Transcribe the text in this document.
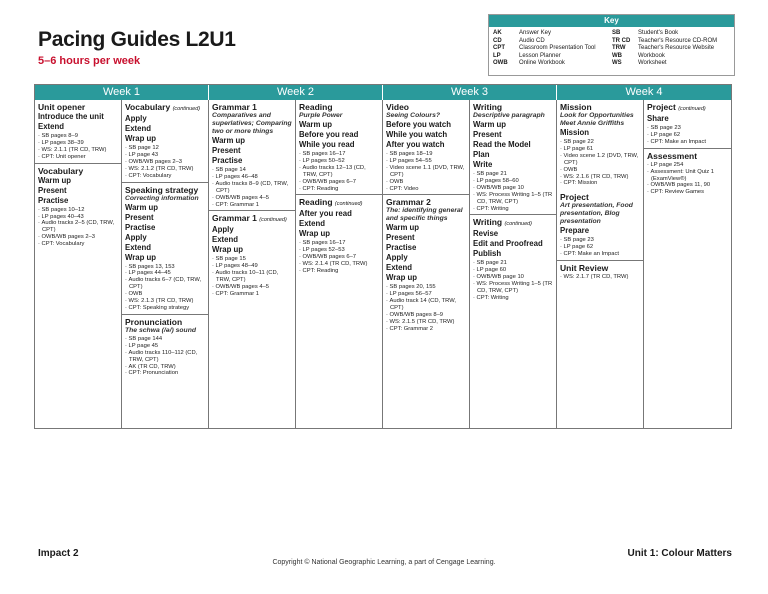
Pacing Guides L2U1
5–6 hours per week
Key
AK	Answer Key
CD	Audio CD
CPT	Classroom Presentation Tool
LP	Lesson Planner
OWB	Online Workbook
SB	Student's Book
TR CD	Teacher's Resource CD-ROM
TRW	Teacher's Resource Website
WB	Workbook
WS	Worksheet
Week 1	Week 2	Week 3	Week 4
Unit opener
Introduce the unit
Extend
· SB pages 8–9
· LP pages 38–39
· WS: 2.1.1 (TR CD, TRW)
· CPT: Unit opener
Vocabulary
Warm up
Present
Practise
· SB pages 10–12
· LP pages 40–43
· Audio tracks 2–5 (CD, TRW, CPT)
· OWB/WB pages 2–3
· CPT: Vocabulary
Vocabulary (continued)
Apply
Extend
Wrap up
· SB page 12
· LP page 43
· OWB/WB pages 2–3
· WS: 2.1.2 (TR CD, TRW)
· CPT: Vocabulary
Speaking strategy
Correcting information
Warm up
Present
Practise
Apply
Extend
Wrap up
· SB pages 13, 153
· LP pages 44–45
· Audio tracks 6–7 (CD, TRW, CPT)
· OWB
· WS: 2.1.3 (TR CD, TRW)
· CPT: Speaking strategy
Pronunciation
The schwa (/ə/) sound
· SB page 144
· LP page 45
· Audio tracks 110–112 (CD, TRW, CPT)
· AK (TR CD, TRW)
· CPT: Pronunciation
Grammar 1
Comparatives and superlatives; Comparing two or more things
Warm up
Present
Practise
· SB page 14
· LP pages 46–48
· Audio tracks 8–9 (CD, TRW, CPT)
· OWB/WB pages 4–5
· CPT: Grammar 1
Grammar 1 (continued)
Apply
Extend
Wrap up
· SB page 15
· LP pages 48–49
· Audio tracks 10–11 (CD, TRW, CPT)
· OWB/WB pages 4–5
· CPT: Grammar 1
Reading
Purple Power
Warm up
Before you read
While you read
· SB pages 16–17
· LP pages 50–52
· Audio tracks 12–13 (CD, TRW, CPT)
· OWB/WB pages 6–7
· CPT: Reading
Reading (continued)
After you read
Extend
Wrap up
· SB pages 16–17
· LP pages 52–53
· OWB/WB pages 6–7
· WS: 2.1.4 (TR CD, TRW)
· CPT: Reading
Video
Seeing Colours?
Before you watch
While you watch
After you watch
· SB pages 18–19
· LP pages 54–55
· Video scene 1.1 (DVD, TRW, CPT)
· OWB
· CPT: Video
Grammar 2
The: identifying general and specific things
Warm up
Present
Practise
Apply
Extend
Wrap up
· SB pages 20, 155
· LP pages 56–57
· Audio track 14 (CD, TRW, CPT)
· OWB/WB pages 8–9
· WS: 2.1.5 (TR CD, TRW)
· CPT: Grammar 2
Writing
Descriptive paragraph
Warm up
Present
Read the Model
Plan
Write
· SB page 21
· LP pages 58–60
· OWB/WB page 10
· WS: Process Writing 1–5 (TR CD, TRW, CPT)
· CPT: Writing
Writing (continued)
Revise
Edit and Proofread
Publish
· SB page 21
· LP page 60
· OWB/WB page 10
· WS: Process Writing 1–5 (TR CD, TRW, CPT)
· CPT: Writing
Mission
Look for Opportunities
Meet Annie Griffiths
Mission
· SB page 22
· LP page 61
· Video scene 1.2 (DVD, TRW, CPT)
· OWB
· WS: 2.1.6 (TR CD, TRW)
· CPT: Mission
Project
Art presentation, Food presentation, Blog presentation
Prepare
· SB page 23
· LP page 62
· CPT: Make an Impact
Unit Review
· WS: 2.1.7 (TR CD, TRW)
Project (continued)
Share
· SB page 23
· LP page 62
· CPT: Make an Impact
Assessment
· LP page 254
· Assessment: Unit Quiz 1 (ExamView®)
· OWB/WB pages 11, 90
· CPT: Review Games
Impact 2
Copyright © National Geographic Learning, a part of Cengage Learning.
Unit 1: Colour Matters
